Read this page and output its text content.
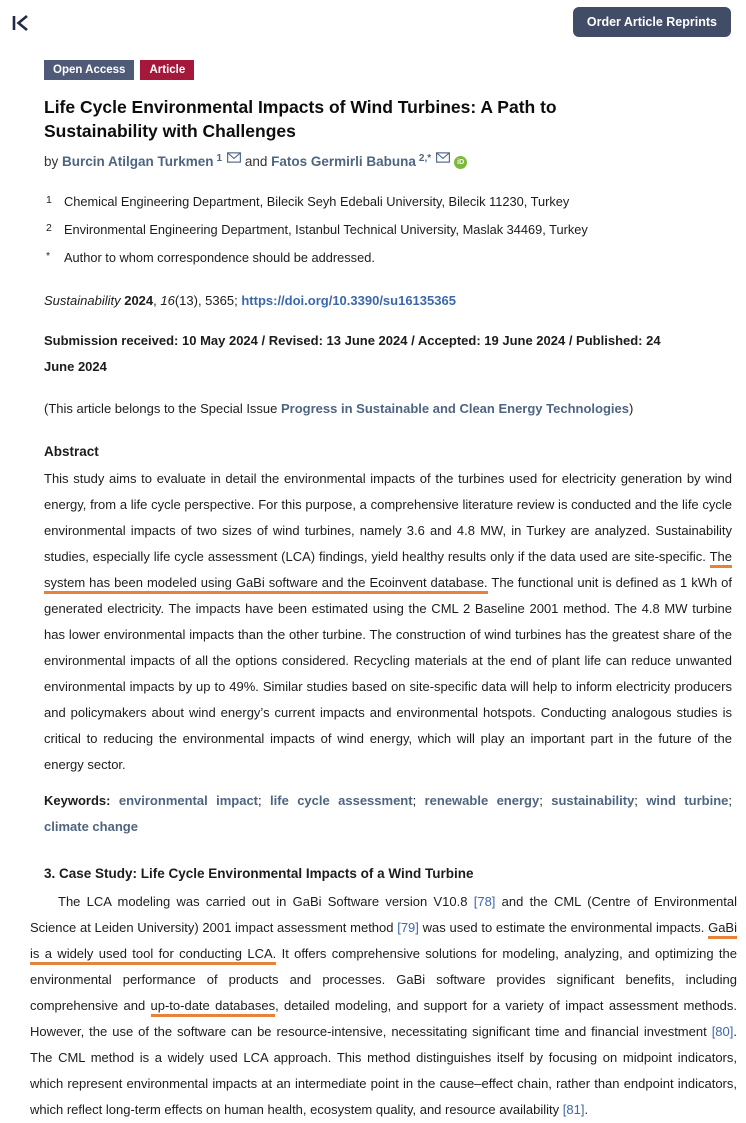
Order Article Reprints
Open Access Article
Life Cycle Environmental Impacts of Wind Turbines: A Path to Sustainability with Challenges
by Burcin Atilgan Turkmen $^1$ and Fatos Germirli Babuna $^{2,*}$	iD
1 Chemical Engineering Department, Bilecik Seyh Edebali University, Bilecik 11230, Turkey
2 Environmental Engineering Department, Istanbul Technical University, Maslak 34469, Turkey
*	Author to whom correspondence should be addressed.
Sustainability 2024, 16(13), 5365; https://doi.org/10.3390/su16135365
Submission received: 10 May 2024 / Revised: 13 June 2024 / Accepted: 19 June 2024 / Published: 24 June 2024
(This article belongs to the Special Issue Progress in Sustainable and Clean Energy Technologies)
Abstract

This study aims to evaluate in detail the environmental impacts of the turbines used for electricity generation by wind energy, from a life cycle perspective. For this purpose, a comprehensive literature review is conducted and the life cycle environmental impacts of two sizes of wind turbines, namely 3.6 and 4.8 MW, in Turkey are analyzed. Sustainability studies, especially life cycle assessment (LCA) findings, yield healthy results only if the data used are site-specific. The system has been modeled using GaBi software and the Ecoinvent database. The functional unit is defined as 1 kWh of generated electricity. The impacts have been estimated using the CML 2 Baseline 2001 method. The 4.8 MW turbine has lower environmental impacts than the other turbine. The construction of wind turbines has the greatest share of the environmental impacts of all the options considered. Recycling materials at the end of plant life can reduce unwanted environmental impacts by up to 49%. Similar studies based on site-specific data will help to inform electricity producers and policymakers about wind energy’s current impacts and environmental hotspots. Conducting analogous studies is critical to reducing the environmental impacts of wind energy, which will play an important part in the future of the energy sector.

Keywords: environmental impact; life cycle assessment; renewable energy; sustainability; wind turbine; climate change

3. Case Study: Life Cycle Environmental Impacts of a Wind Turbine

The LCA modeling was carried out in GaBi Software version V10.8 [78] and the CML (Centre of Environmental Science at Leiden University) 2001 impact assessment method [79] was used to estimate the environmental impacts. GaBi is a widely used tool for conducting LCA. It offers comprehensive solutions for modeling, analyzing, and optimizing the environmental performance of products and processes. GaBi software provides significant benefits, including comprehensive and up-to-date databases, detailed modeling, and support for a variety of impact assessment methods. However, the use of the software can be resource-intensive, necessitating significant time and financial investment [80]. The CML method is a widely used LCA approach. This method distinguishes itself by focusing on midpoint indicators, which represent environmental impacts at an intermediate point in the cause–effect chain, rather than endpoint indicators, which reflect long-term effects on human health, ecosystem quality, and resource availability [81].
